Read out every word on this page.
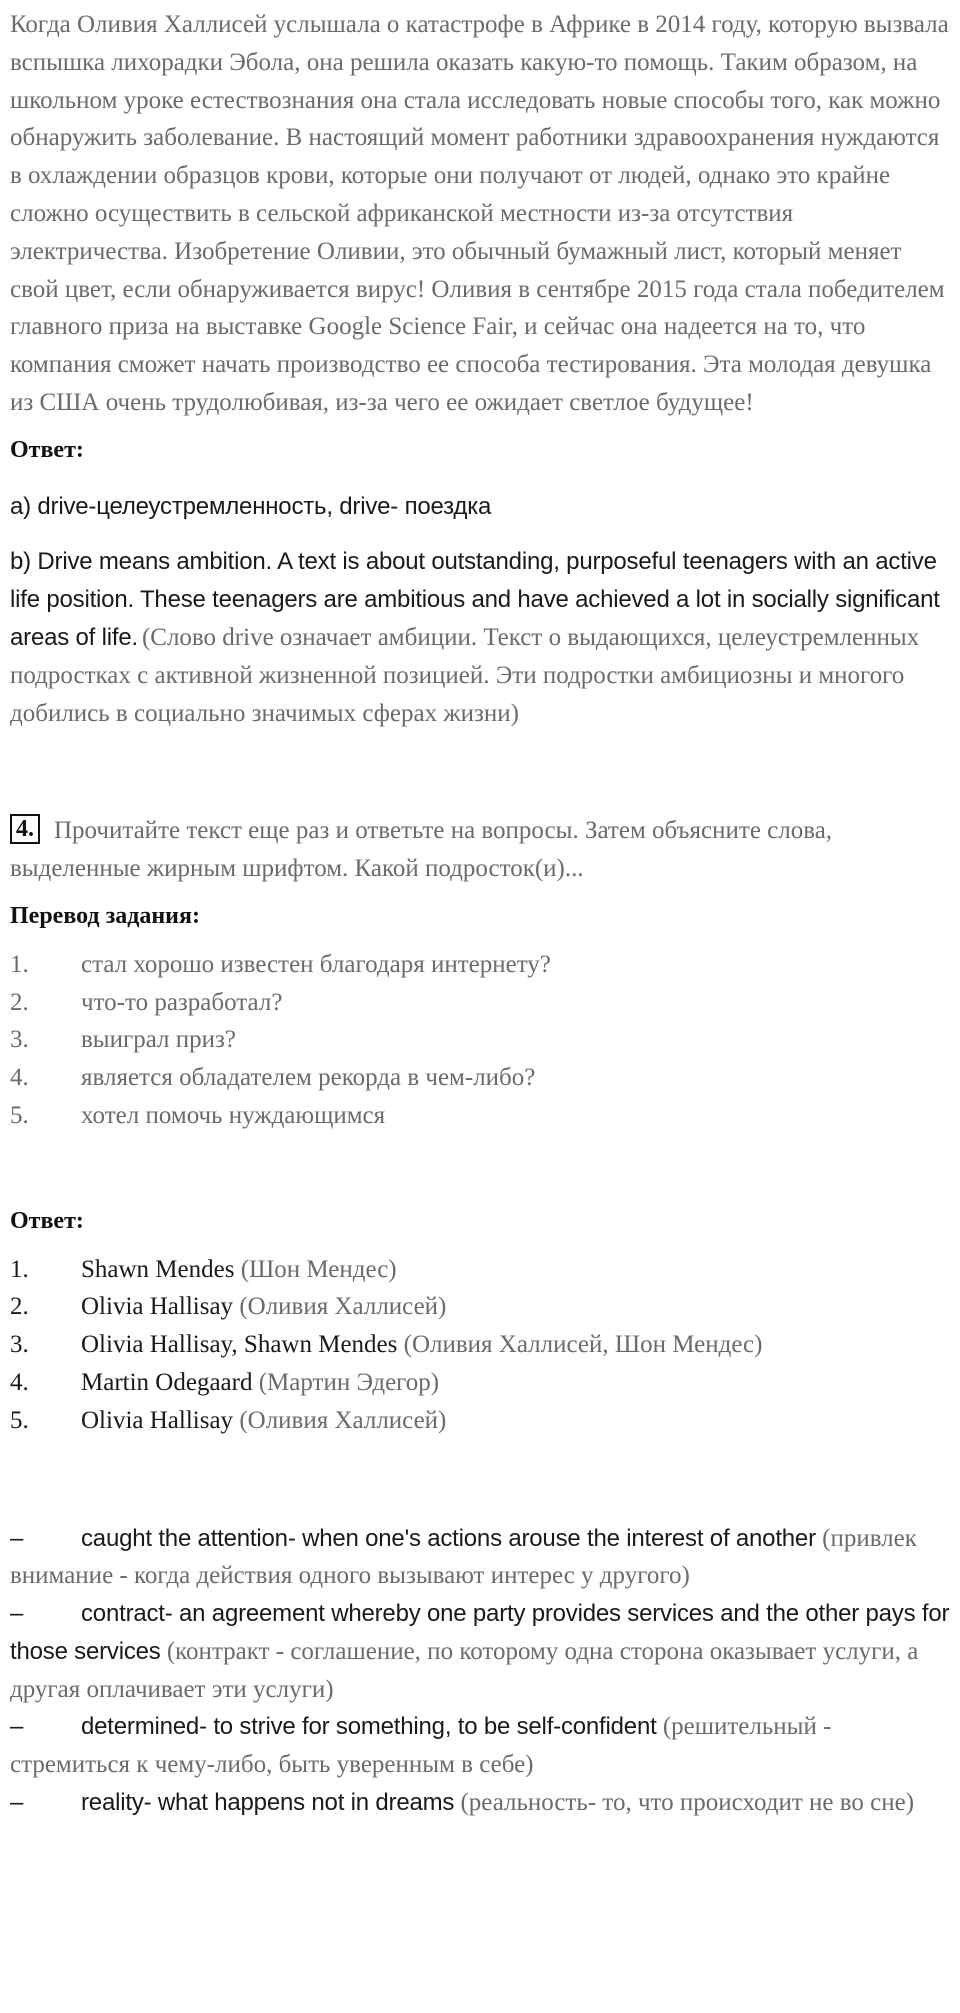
Когда Оливия Халлисей услышала о катастрофе в Африке в 2014 году, которую вызвала вспышка лихорадки Эбола, она решила оказать какую-то помощь. Таким образом, на школьном уроке естествознания она стала исследовать новые способы того, как можно обнаружить заболевание. В настоящий момент работники здравоохранения нуждаются в охлаждении образцов крови, которые они получают от людей, однако это крайне сложно осуществить в сельской африканской местности из-за отсутствия электричества. Изобретение Оливии, это обычный бумажный лист, который меняет свой цвет, если обнаруживается вирус! Оливия в сентябре 2015 года стала победителем главного приза на выставке Google Science Fair, и сейчас она надеется на то, что компания сможет начать производство ее способа тестирования. Эта молодая девушка из США очень трудолюбивая, из-за чего ее ожидает светлое будущее!

Ответ:

a) drive-целеустремленность, drive- поездка

b) Drive means ambition. A text is about outstanding, purposeful teenagers with an active life position. These teenagers are ambitious and have achieved a lot in socially significant areas of life. (Слово drive означает амбиции. Текст о выдающихся, целеустремленных подростках с активной жизненной позицией. Эти подростки амбициозны и многого добились в социально значимых сферах жизни)

4. Прочитайте текст еще раз и ответьте на вопросы. Затем объясните слова, выделенные жирным шрифтом. Какой подросток(и)...

Перевод задания:

1.	стал хорошо известен благодаря интернету?
2.	что-то разработал?
3.	выиграл приз?
4.	является обладателем рекорда в чем-либо?
5.	хотел помочь нуждающимся

Ответ:

1.	Shawn Mendes (Шон Мендес)
2.	Olivia Hallisay (Оливия Халлисей)
3.	Olivia Hallisay, Shawn Mendes (Оливия Халлисей, Шон Мендес)
4.	Martin Odegaard (Мартин Эдегор)
5.	Olivia Hallisay (Оливия Халлисей)

– caught the attention- when one's actions arouse the interest of another (привлек внимание - когда действия одного вызывают интерес у другого)

– contract- an agreement whereby one party provides services and the other pays for those services (контракт - соглашение, по которому одна сторона оказывает услуги, а другая оплачивает эти услуги)

– determined- to strive for something, to be self-confident (решительный - стремиться к чему-либо, быть уверенным в себе)

– reality- what happens not in dreams (реальность- то, что происходит не во сне)
